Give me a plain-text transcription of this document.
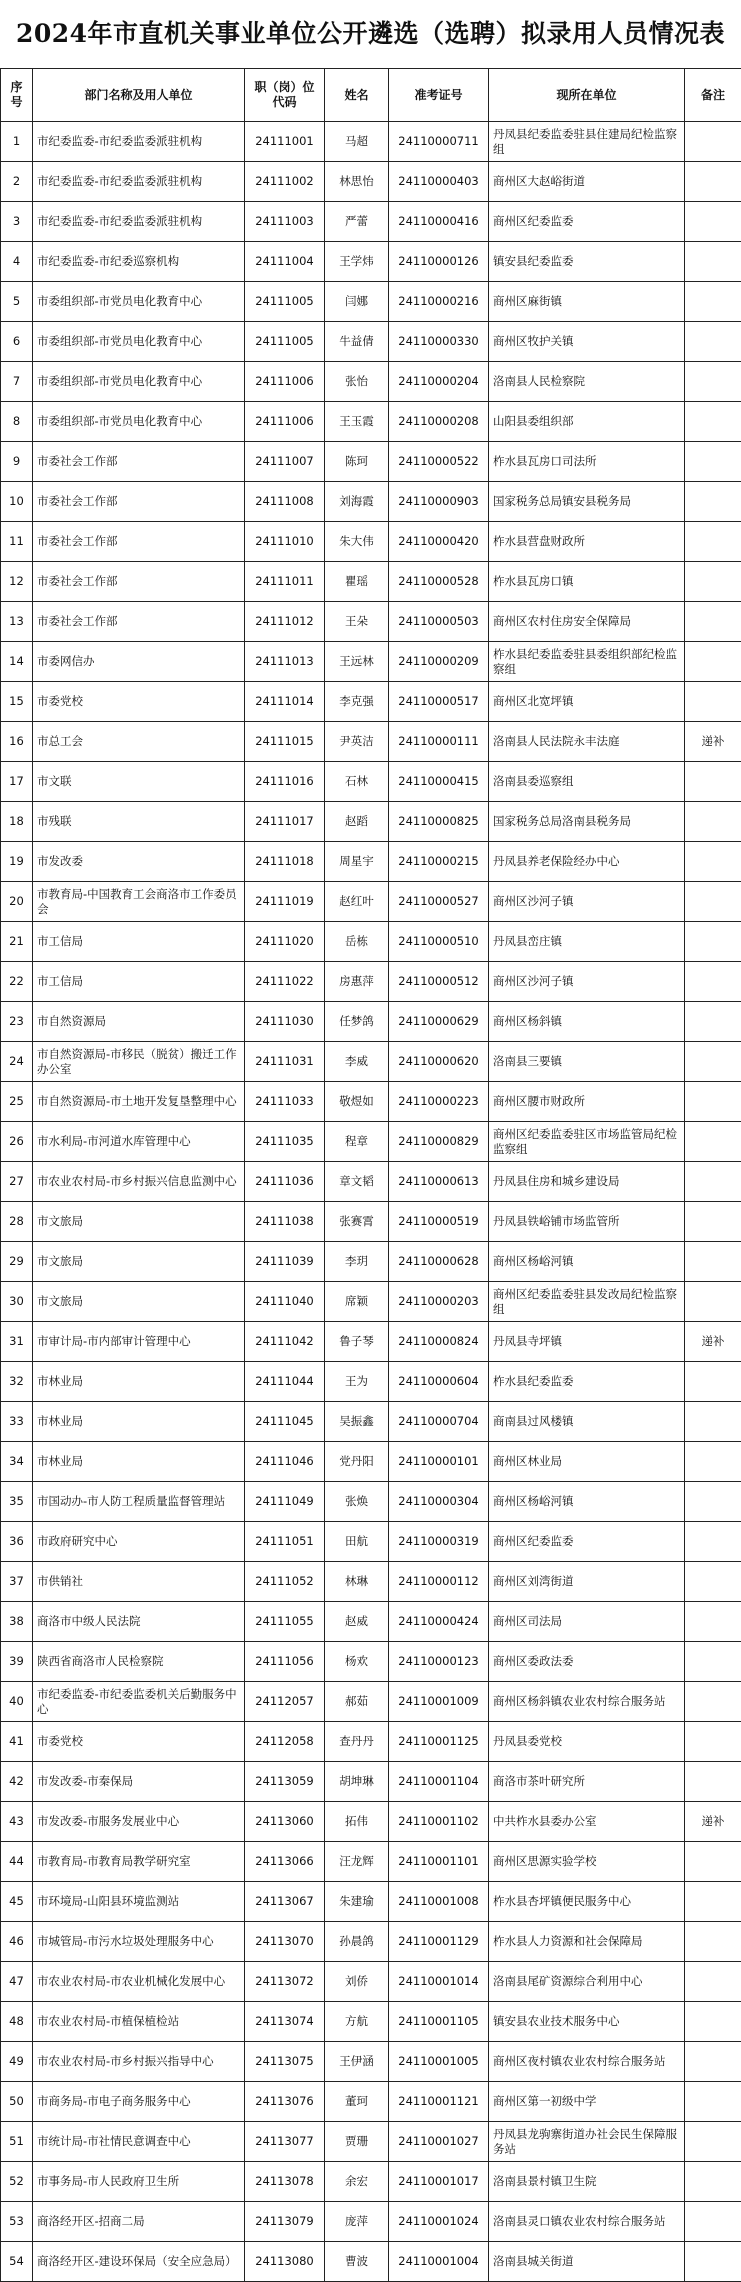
2024年市直机关事业单位公开遴选（选聘）拟录用人员情况表
序号	部门名称及用人单位	职（岗）位代码	姓名	准考证号	现所在单位	备注
1	市纪委监委-市纪委监委派驻机构	24111001	马超	24110000711	丹凤县纪委监委驻县住建局纪检监察组	
2	市纪委监委-市纪委监委派驻机构	24111002	林思怡	24110000403	商州区大赵峪街道	
3	市纪委监委-市纪委监委派驻机构	24111003	严蕾	24110000416	商州区纪委监委	
4	市纪委监委-市纪委巡察机构	24111004	王学炜	24110000126	镇安县纪委监委	
5	市委组织部-市党员电化教育中心	24111005	闫娜	24110000216	商州区麻街镇	
6	市委组织部-市党员电化教育中心	24111005	牛益倩	24110000330	商州区牧护关镇	
7	市委组织部-市党员电化教育中心	24111006	张怡	24110000204	洛南县人民检察院	
8	市委组织部-市党员电化教育中心	24111006	王玉霞	24110000208	山阳县委组织部	
9	市委社会工作部	24111007	陈珂	24110000522	柞水县瓦房口司法所	
10	市委社会工作部	24111008	刘海霞	24110000903	国家税务总局镇安县税务局	
11	市委社会工作部	24111010	朱大伟	24110000420	柞水县营盘财政所	
12	市委社会工作部	24111011	瞿瑶	24110000528	柞水县瓦房口镇	
13	市委社会工作部	24111012	王朵	24110000503	商州区农村住房安全保障局	
14	市委网信办	24111013	王远林	24110000209	柞水县纪委监委驻县委组织部纪检监察组	
15	市委党校	24111014	李克强	24110000517	商州区北宽坪镇	
16	市总工会	24111015	尹英洁	24110000111	洛南县人民法院永丰法庭	递补
17	市文联	24111016	石林	24110000415	洛南县委巡察组	
18	市残联	24111017	赵蹈	24110000825	国家税务总局洛南县税务局	
19	市发改委	24111018	周星宇	24110000215	丹凤县养老保险经办中心	
20	市教育局-中国教育工会商洛市工作委员会	24111019	赵红叶	24110000527	商州区沙河子镇	
21	市工信局	24111020	岳栋	24110000510	丹凤县峦庄镇	
22	市工信局	24111022	房惠萍	24110000512	商州区沙河子镇	
23	市自然资源局	24111030	任梦鸽	24110000629	商州区杨斜镇	
24	市自然资源局-市移民（脱贫）搬迁工作办公室	24111031	李威	24110000620	洛南县三要镇	
25	市自然资源局-市土地开发复垦整理中心	24111033	敬煜如	24110000223	商州区腰市财政所	
26	市水利局-市河道水库管理中心	24111035	程章	24110000829	商州区纪委监委驻区市场监管局纪检监察组	
27	市农业农村局-市乡村振兴信息监测中心	24111036	章文韬	24110000613	丹凤县住房和城乡建设局	
28	市文旅局	24111038	张赛霄	24110000519	丹凤县铁峪铺市场监管所	
29	市文旅局	24111039	李玥	24110000628	商州区杨峪河镇	
30	市文旅局	24111040	席颖	24110000203	商州区纪委监委驻县发改局纪检监察组	
31	市审计局-市内部审计管理中心	24111042	鲁子琴	24110000824	丹凤县寺坪镇	递补
32	市林业局	24111044	王为	24110000604	柞水县纪委监委	
33	市林业局	24111045	吴振鑫	24110000704	商南县过风楼镇	
34	市林业局	24111046	党丹阳	24110000101	商州区林业局	
35	市国动办-市人防工程质量监督管理站	24111049	张焕	24110000304	商州区杨峪河镇	
36	市政府研究中心	24111051	田航	24110000319	商州区纪委监委	
37	市供销社	24111052	林琳	24110000112	商州区刘湾街道	
38	商洛市中级人民法院	24111055	赵威	24110000424	商州区司法局	
39	陕西省商洛市人民检察院	24111056	杨欢	24110000123	商州区委政法委	
40	市纪委监委-市纪委监委机关后勤服务中心	24112057	郝茹	24110001009	商州区杨斜镇农业农村综合服务站	
41	市委党校	24112058	查丹丹	24110001125	丹凤县委党校	
42	市发改委-市秦保局	24113059	胡坤琳	24110001104	商洛市茶叶研究所	
43	市发改委-市服务发展业中心	24113060	拓伟	24110001102	中共柞水县委办公室	递补
44	市教育局-市教育局教学研究室	24113066	汪龙辉	24110001101	商州区思源实验学校	
45	市环境局-山阳县环境监测站	24113067	朱建瑜	24110001008	柞水县杏坪镇便民服务中心	
46	市城管局-市污水垃圾处理服务中心	24113070	孙晨鸽	24110001129	柞水县人力资源和社会保障局	
47	市农业农村局-市农业机械化发展中心	24113072	刘侨	24110001014	洛南县尾矿资源综合利用中心	
48	市农业农村局-市植保植检站	24113074	方航	24110001105	镇安县农业技术服务中心	
49	市农业农村局-市乡村振兴指导中心	24113075	王伊涵	24110001005	商州区夜村镇农业农村综合服务站	
50	市商务局-市电子商务服务中心	24113076	董珂	24110001121	商州区第一初级中学	
51	市统计局-市社情民意调查中心	24113077	贾珊	24110001027	丹凤县龙驹寨街道办社会民生保障服务站	
52	市事务局-市人民政府卫生所	24113078	余宏	24110001017	洛南县景村镇卫生院	
53	商洛经开区-招商二局	24113079	庞萍	24110001024	洛南县灵口镇农业农村综合服务站	
54	商洛经开区-建设环保局（安全应急局）	24113080	曹波	24110001004	洛南县城关街道	
